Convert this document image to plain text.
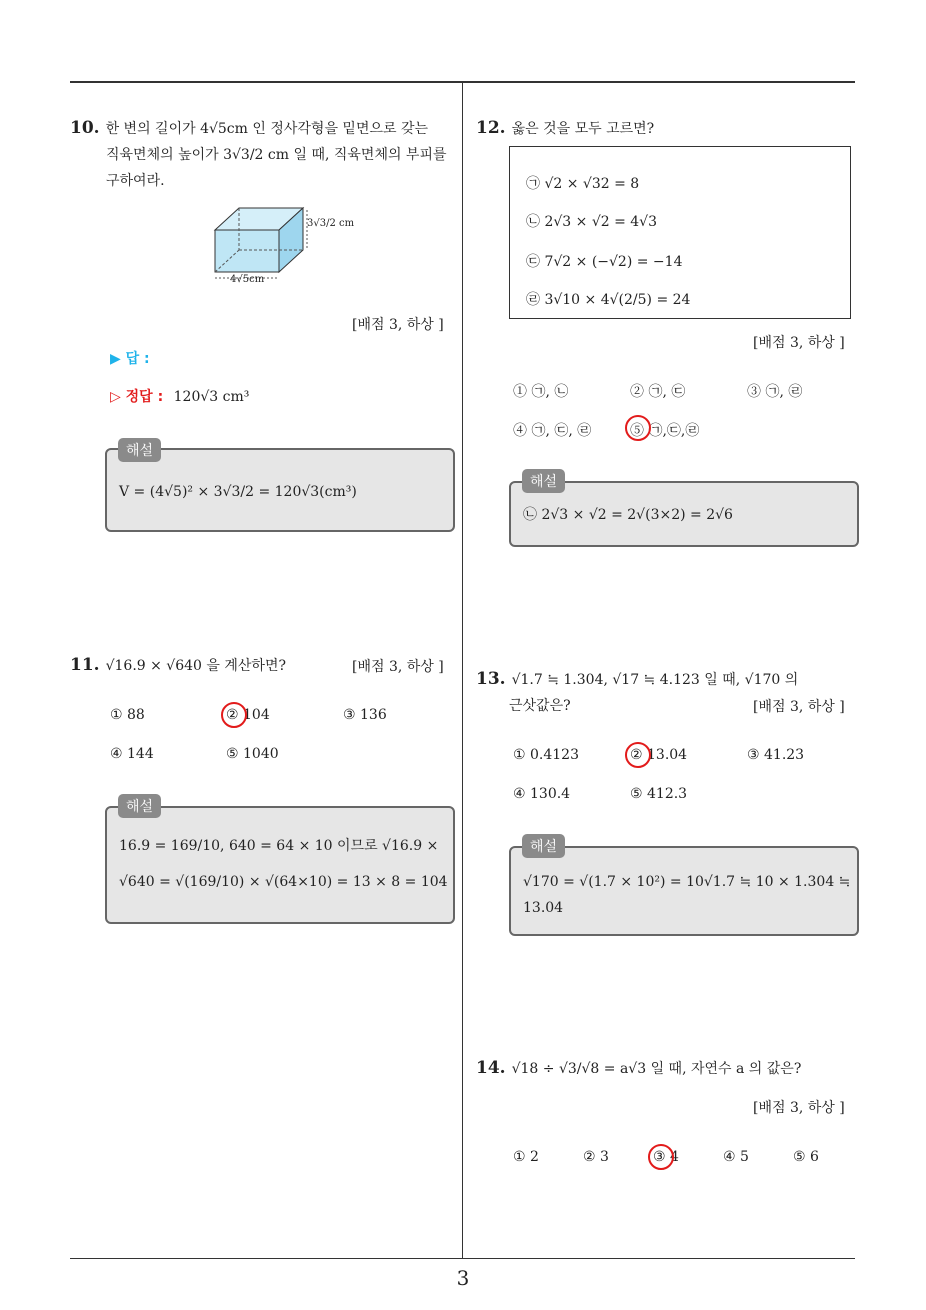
10. 한 변의 길이가 4√5cm 인 정사각형을 밑면으로 갖는
직육면체의 높이가 3√3/2 cm 일 때, 직육면체의 부피를
구하여라.
3√3/2 cm
4√5cm
[배점 3, 하상 ]
▶ 답 :
▷ 정답 : 120√3 cm³
V = (4√5)² × 3√3/2 = 120√3(cm³)
해설
11. √16.9 × √640 을 계산하면?	[배점 3, 하상 ]
① 88	② 104	③ 136
④ 144	⑤ 1040
16.9 = 169/10, 640 = 64 × 10 이므로 √16.9 ×
√640 = √(169/10) × √(64×10) = 13 × 8 = 104
해설
12. 옳은 것을 모두 고르면?
㉠ √2 × √32 = 8
㉡ 2√3 × √2 = 4√3
㉢ 7√2 × (−√2) = −14
㉣ 3√10 × 4√(2/5) = 24
[배점 3, 하상 ]
① ㉠, ㉡	② ㉠, ㉢	③ ㉠, ㉣
④ ㉠, ㉢, ㉣	⑤ ㉠,㉢,㉣
㉡ 2√3 × √2 = 2√(3×2) = 2√6
해설
13. √1.7 ≒ 1.304, √17 ≒ 4.123 일 때, √170 의
근삿값은?	[배점 3, 하상 ]
① 0.4123	② 13.04	③ 41.23
④ 130.4	⑤ 412.3
√170 = √(1.7 × 10²) = 10√1.7 ≒ 10 × 1.304 ≒
13.04
해설
14. √18 ÷ √3/√8 = a√3 일 때, 자연수 a 의 값은?
[배점 3, 하상 ]
① 2	② 3	③ 4	④ 5	⑤ 6
3
